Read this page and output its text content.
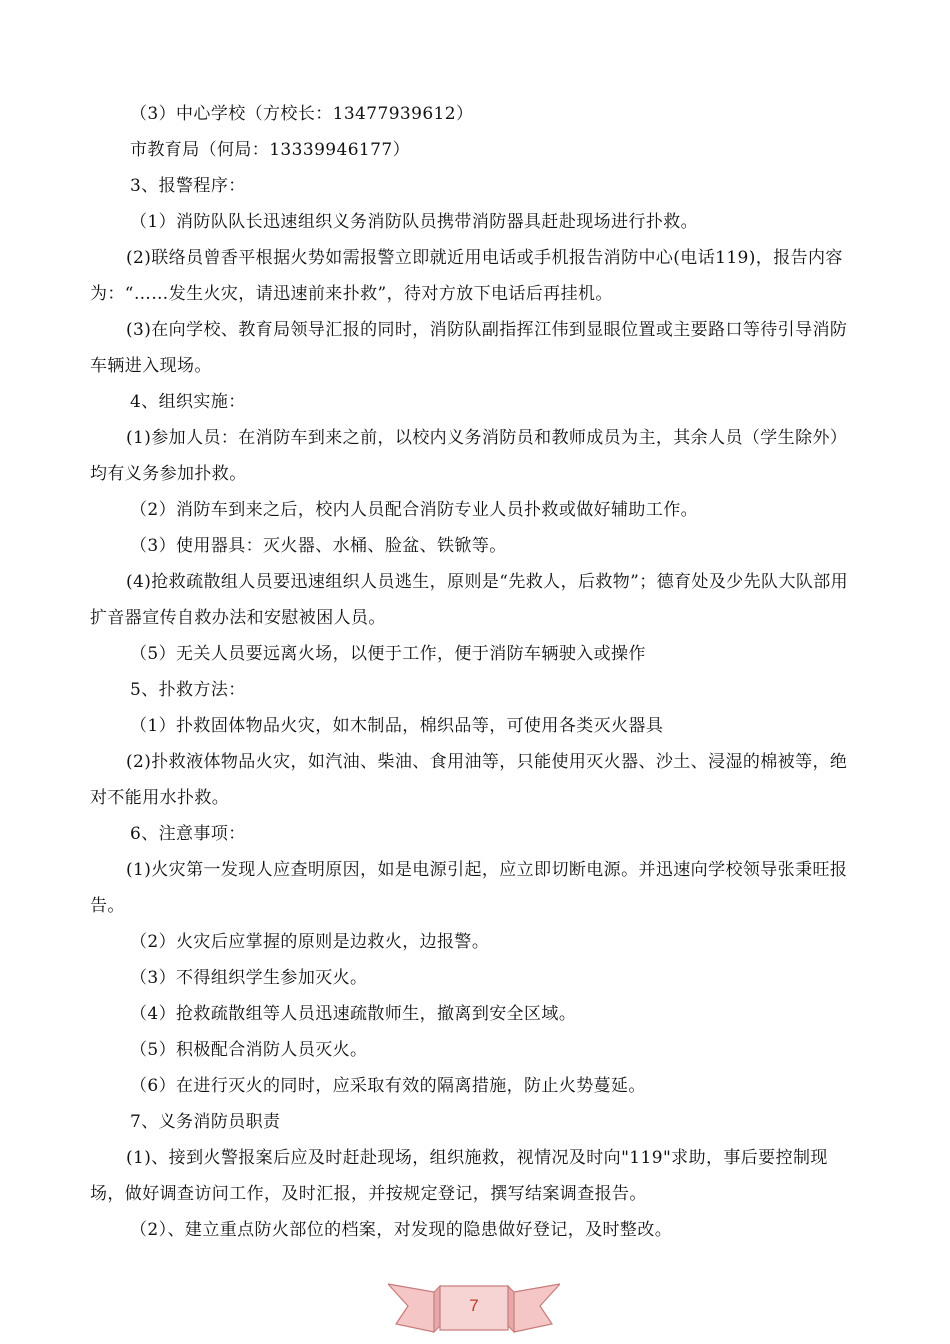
（3）中心学校（方校长：13477939612）

市教育局（何局：13339946177）

3、报警程序：

（1）消防队队长迅速组织义务消防队员携带消防器具赶赴现场进行扑救。

(2)联络员曾香平根据火势如需报警立即就近用电话或手机报告消防中心(电话119)，报告内容为：“……发生火灾，请迅速前来扑救”，待对方放下电话后再挂机。

(3)在向学校、教育局领导汇报的同时，消防队副指挥江伟到显眼位置或主要路口等待引导消防车辆进入现场。

4、组织实施：

(1)参加人员：在消防车到来之前，以校内义务消防员和教师成员为主，其余人员（学生除外）均有义务参加扑救。

（2）消防车到来之后，校内人员配合消防专业人员扑救或做好辅助工作。

（3）使用器具：灭火器、水桶、脸盆、铁锨等。

(4)抢救疏散组人员要迅速组织人员逃生，原则是“先救人，后救物”；德育处及少先队大队部用扩音器宣传自救办法和安慰被困人员。

（5）无关人员要远离火场，以便于工作，便于消防车辆驶入或操作

5、扑救方法：

（1）扑救固体物品火灾，如木制品，棉织品等，可使用各类灭火器具

(2)扑救液体物品火灾，如汽油、柴油、食用油等，只能使用灭火器、沙土、浸湿的棉被等，绝对不能用水扑救。

6、注意事项：

(1)火灾第一发现人应查明原因，如是电源引起，应立即切断电源。并迅速向学校领导张秉旺报告。

（2）火灾后应掌握的原则是边救火，边报警。

（3）不得组织学生参加灭火。

（4）抢救疏散组等人员迅速疏散师生，撤离到安全区域。

（5）积极配合消防人员灭火。

（6）在进行灭火的同时，应采取有效的隔离措施，防止火势蔓延。

7、义务消防员职责

(1)、接到火警报案后应及时赶赴现场，组织施救，视情况及时向"119"求助，事后要控制现场，做好调查访问工作，及时汇报，并按规定登记，撰写结案调查报告。

（2）、建立重点防火部位的档案，对发现的隐患做好登记，及时整改。

7
